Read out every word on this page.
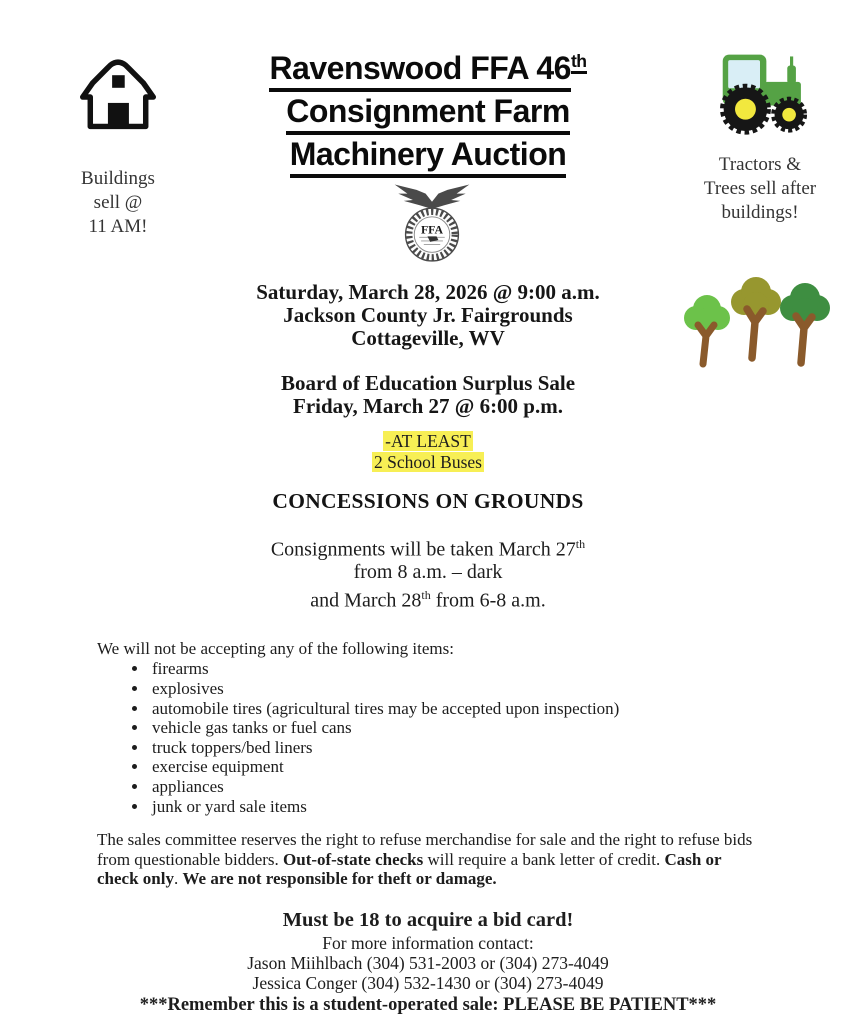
Buildings
sell @
11 AM!
Ravenswood FFA 46th
Consignment Farm
Machinery Auction
FFA
Tractors &
Trees sell after
buildings!
Saturday, March 28, 2026 @ 9:00 a.m.
Jackson County Jr. Fairgrounds
Cottageville, WV
Board of Education Surplus Sale
Friday, March 27 @ 6:00 p.m.
-AT LEAST
2 School Buses
CONCESSIONS ON GROUNDS
Consignments will be taken March 27th
from 8 a.m. – dark
and March 28th from 6-8 a.m.
We will not be accepting any of the following items:
• firearms
• explosives
• automobile tires (agricultural tires may be accepted upon inspection)
• vehicle gas tanks or fuel cans
• truck toppers/bed liners
• exercise equipment
• appliances
• junk or yard sale items

The sales committee reserves the right to refuse merchandise for sale and the right to refuse bids from questionable bidders. Out-of-state checks will require a bank letter of credit. Cash or check only. We are not responsible for theft or damage.

Must be 18 to acquire a bid card!
For more information contact:
Jason Miihlbach (304) 531-2003 or (304) 273-4049
Jessica Conger (304) 532-1430 or (304) 273-4049
***Remember this is a student-operated sale: PLEASE BE PATIENT***
